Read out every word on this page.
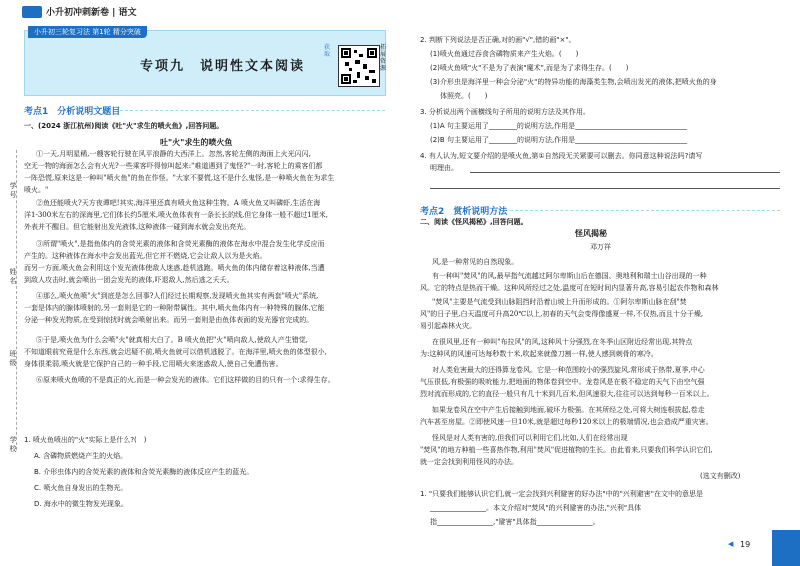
小升初冲刺新卷 | 语文
小升初三轮复习法 第1轮 精分突破
专项九　说明性文本阅读
获取
拓展资源
学号
姓名
班级
学校
考点1　分析说明文题目
一、(2024 浙江杭州)阅读《吐"火"求生的喷火鱼》,回答问题。
吐"火"求生的喷火鱼
①一天,月明星稀,一艘客轮行驶在风平浪静的大西洋上。忽然,客轮左侧的海面上火光闪闪,
空无一物的海面怎么会有火光?一些乘客吓得惊叫起来:"难道遇到了鬼怪?"一时,客轮上的乘客们都
一阵恐慌,原来这是一种叫"喷火鱼"的鱼在作怪。"大家不要慌,这不是什么鬼怪,是一种喷火鱼在为求生
喷火。"
②鱼还能喷火?天方夜谭吧!其实,海洋里还真有喷火鱼这种生物。A 喷火鱼又叫磷虾,生活在海
洋1-300米左右的深海里,它们体长约5厘米,喷火鱼体表有一条长长的线,但它身体一般不超过1厘米,
外表并不醒目。但它能射出发光液体,这种液体一碰到海水就会发出亮光。
③所谓"喷火",是指鱼体内的含荧光素的液体和含荧光素酶的液体在海水中混合发生化学反应而
产生的。这种液体在海水中会发出蓝光,但它并不燃烧,它会让敌人以为是火焰。
而另一方面,喷火鱼会利用这个发光液体使敌人迷惑,趁机逃跑。喷火鱼的体内储存着这种液体,当遭
到敌人攻击时,就会喷出一团会发光的液体,吓退敌人,然后逃之夭夭。
④那么,喷火鱼喷"火"到底是怎么回事?人们经过长期观察,发现喷火鱼其实有两套"喷火"系统,
一套是体内的腺体喷射的,另一套则是它的一种附带属性。其中,喷火鱼体内有一种特殊的腺体,它能
分泌一种发光物质,在受到惊扰时就会喷射出来。而另一套则是由鱼体表面的发光器官完成的。
⑤于是,喷火鱼为什么会喷"火"就真相大白了。B 喷火鱼把"火"喷向敌人,使敌人产生错觉,
不知道眼前究竟是什么东西,就会迟疑不前,喷火鱼就可以借机逃脱了。在海洋里,喷火鱼的体型很小,
身体很柔弱,喷火就是它保护自己的一种手段,它用喷火来迷惑敌人,使自己免遭伤害。
⑥原来喷火鱼喷的不是真正的火,而是一种会发光的液体。它们这样做的目的只有一个:求得生存。
1. 喷火鱼喷出的"火"实际上是什么?(　)
A. 含磷物质燃烧产生的火焰。
B. 介形虫体内的含荧光素的液体和含荧光素酶的液体反应产生的蓝光。
C. 喷火鱼自身发出的生物光。
D. 海水中的微生物发光现象。
2. 判断下列说法是否正确,对的画"√",错的画"×"。
(1)喷火鱼通过吞食含磷物质来产生火焰。(　　)
(2)喷火鱼喷"火"不是为了表演"魔术",而是为了求得生存。(　　)
(3)介形虫是海洋里一种会分泌"火"的特异功能的海藻类生物,会喷出发光的液体,把喷火鱼的身
体照亮。(　　)
3. 分析说出两个画横线句子所用的说明方法及其作用。
(1)A 句主要运用了________的说明方法,作用是________________________________
(2)B 句主要运用了________的说明方法,作用是________________________________
4. 有人认为,短文要介绍的是喷火鱼,第①自然段无关紧要可以删去。你同意这种说法吗?请写
明理由。
考点2　赏析说明方法
二、阅读《怪风揭秘》,回答问题。
怪风揭秘
邓万祥
风,是一种常见的自然现象。
有一种叫"焚风"的风,最早指气流越过阿尔卑斯山后在德国、奥地利和瑞士山谷出现的一种
风。它的特点是热而干燥。这种风所经过之处,温度可在短时间内显著升高,容易引起农作物和森林
"焚风"主要是气流受到山脉阻挡时沿着山坡上升而形成的。①阿尔卑斯山脉在刮"焚
风"的日子里,白天温度可升高20℃以上,初春的天气会变得像盛夏一样,不仅热,而且十分干燥,
易引起森林火灾。
在很风里,还有一种叫"布拉风"的风,这种风十分强烈,在冬季山区附近经常出现,其特点
为:这种风的风速可达每秒数十米,吹起来就像刀割一样,使人感到刺骨的寒冷。
对人类危害最大的还得算龙卷风。它是一种范围较小的强烈旋风,常形成于热带,夏季,中心
气压很低,有极强的吸吮能力,把地面的物体卷到空中。龙卷风是在极不稳定的天气下由空气强
烈对流而形成的,它的直径一般只有几十米到几百米,但风速很大,往往可以达到每秒一百米以上。
如果龙卷风在空中产生后接触到地面,破坏力极强。在其所经之处,可将大树连根拔起,卷走
汽车甚至房屋。②即使风速一旦10米,就是超过每秒120米以上的极端情况,也会造成严重灾害。
怪风是对人类有害的,但我们可以利用它们,比如,人们在经常出现
"焚风"的地方种植一些喜热作物,利用"焚风"促进植物的生长。由此看来,只要我们科学认识它们,
就一定会找到利用怪风的办法。
(选文有删改)
1. "只要我们能够认识它们,就一定会找到兴利避害的好办法"中的"兴利避害"在文中的意思是
________________。本文介绍对"焚风"的兴利避害的办法,"兴利"具体
指________________,"避害"具体指________________。
◀ 19
